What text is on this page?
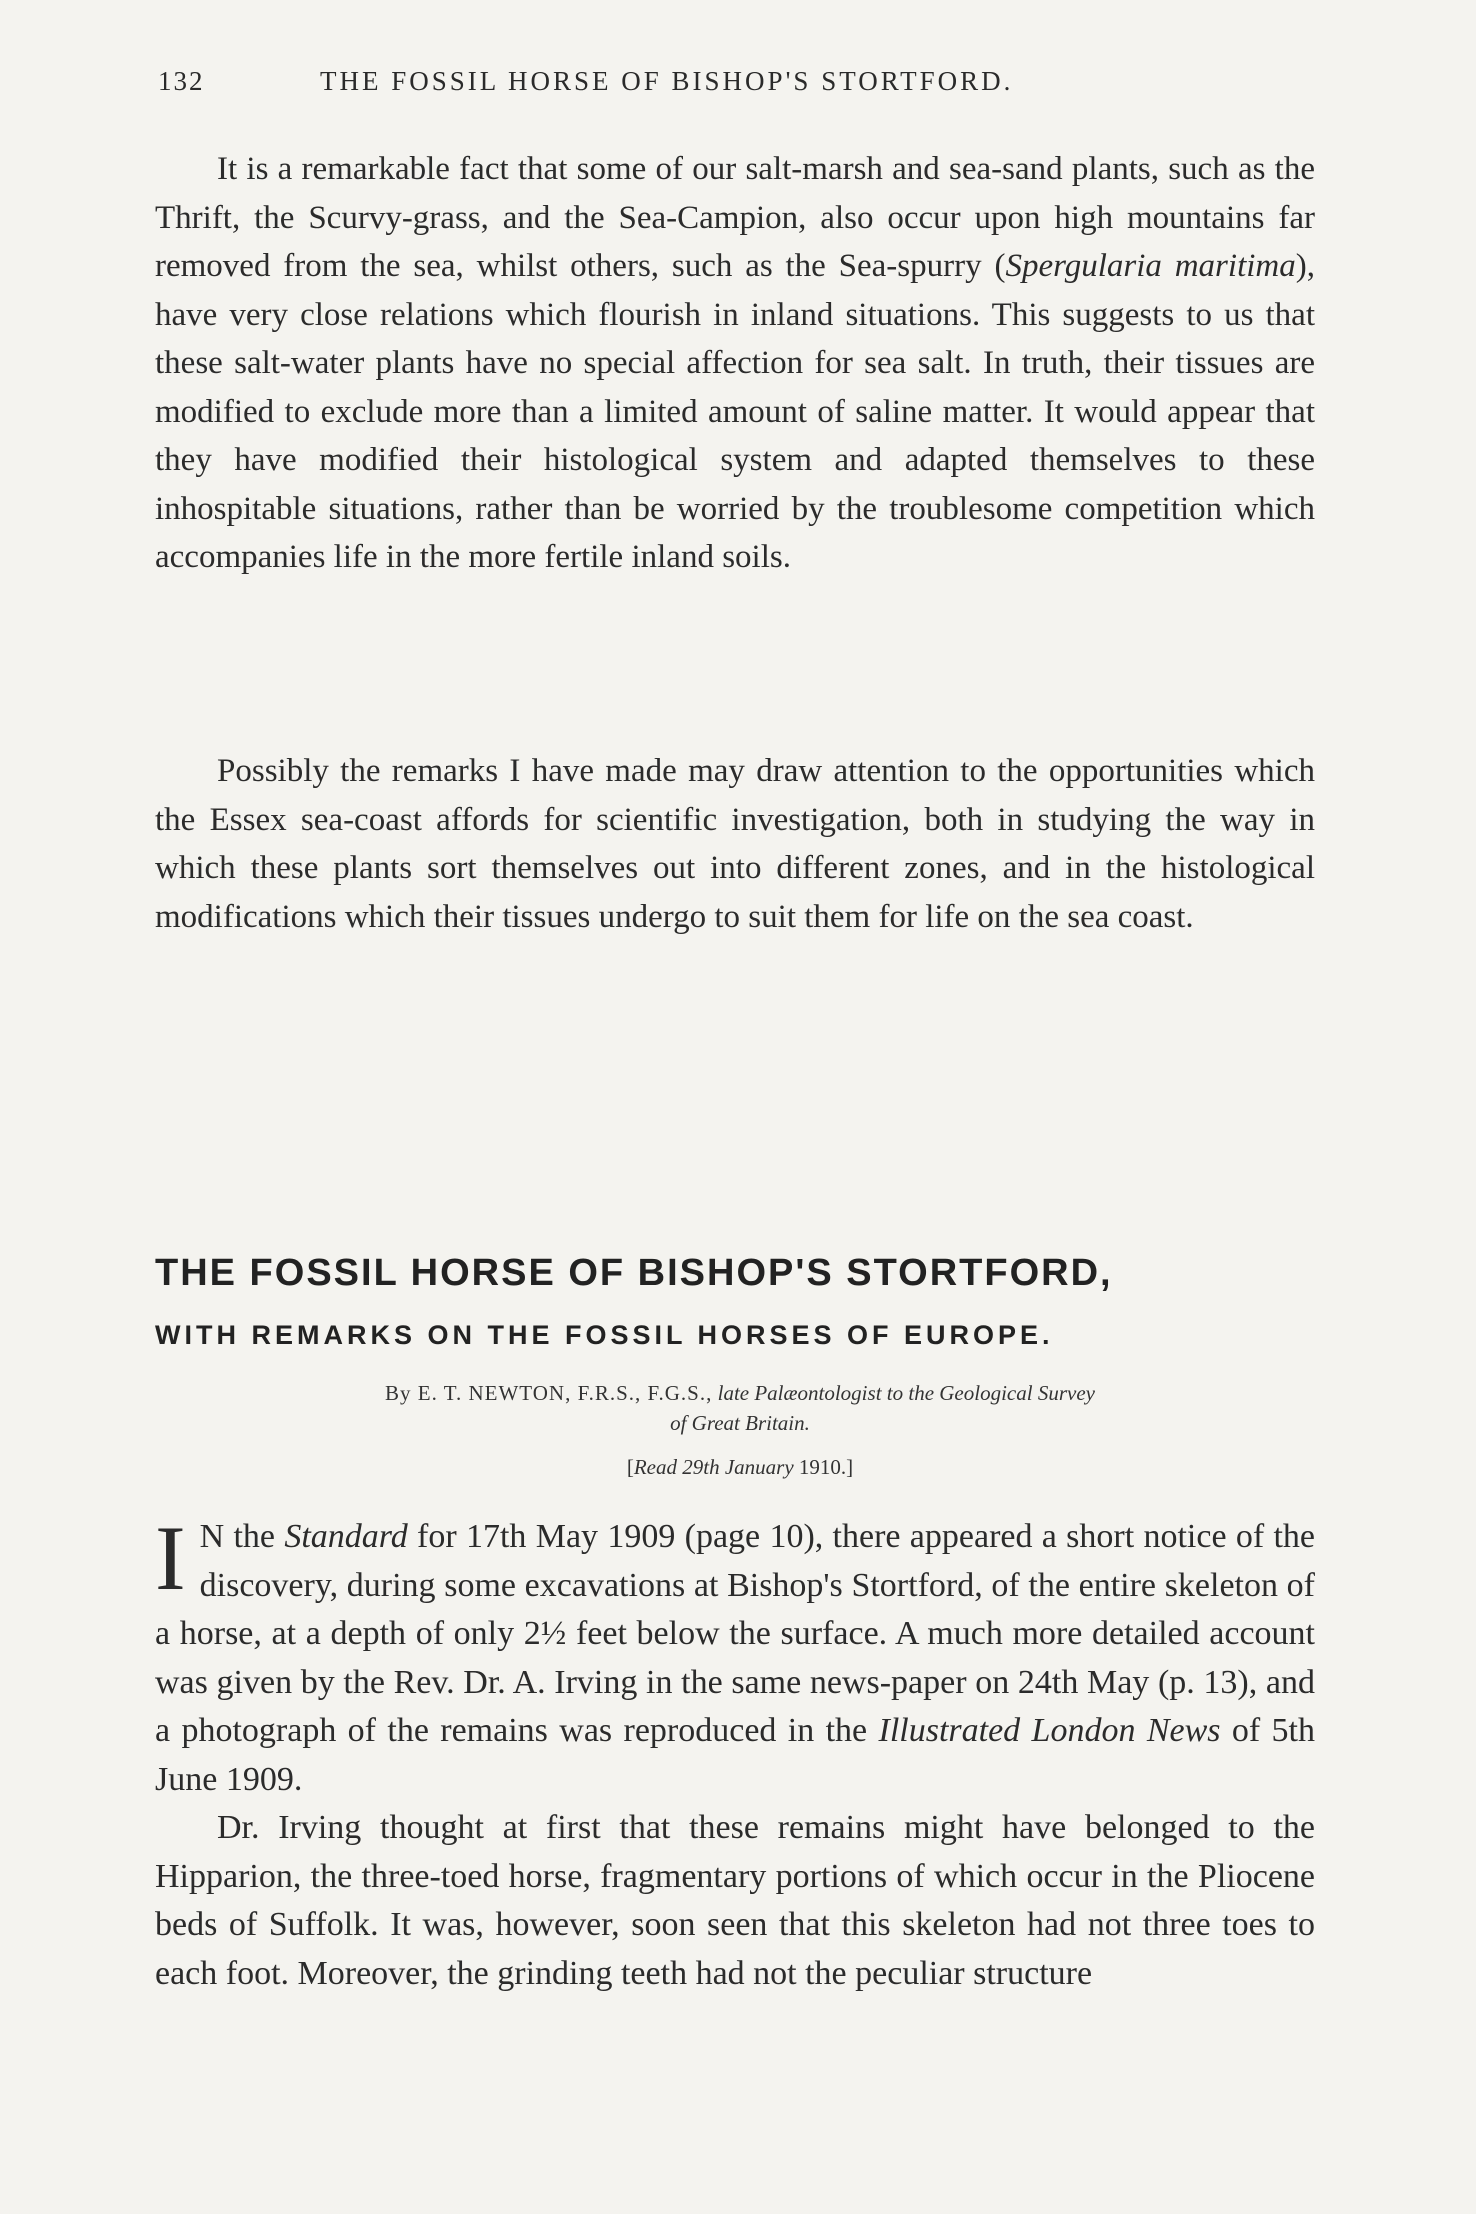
132	THE FOSSIL HORSE OF BISHOP'S STORTFORD.

It is a remarkable fact that some of our salt-marsh and sea-sand plants, such as the Thrift, the Scurvy-grass, and the Sea-Campion, also occur upon high mountains far removed from the sea, whilst others, such as the Sea-spurry (Spergularia maritima), have very close relations which flourish in inland situations. This suggests to us that these salt-water plants have no special affection for sea salt. In truth, their tissues are modified to exclude more than a limited amount of saline matter. It would appear that they have modified their histological system and adapted themselves to these inhospitable situations, rather than be worried by the troublesome competition which accompanies life in the more fertile inland soils.

Possibly the remarks I have made may draw attention to the opportunities which the Essex sea-coast affords for scientific investigation, both in studying the way in which these plants sort themselves out into different zones, and in the histological modifications which their tissues undergo to suit them for life on the sea coast.

THE FOSSIL HORSE OF BISHOP'S STORTFORD,
WITH REMARKS ON THE FOSSIL HORSES OF EUROPE.
By E. T. NEWTON, F.R.S., F.G.S., late Palæontologist to the Geological Survey
of Great Britain.
[Read 29th January 1910.]

I N the Standard for 17th May 1909 (page 10), there appeared a short notice of the discovery, during some excavations at Bishop's Stortford, of the entire skeleton of a horse, at a depth of only 2½ feet below the surface. A much more detailed account was given by the Rev. Dr. A. Irving in the same news-paper on 24th May (p. 13), and a photograph of the remains was reproduced in the Illustrated London News of 5th June 1909.

Dr. Irving thought at first that these remains might have belonged to the Hipparion, the three-toed horse, fragmentary portions of which occur in the Pliocene beds of Suffolk. It was, however, soon seen that this skeleton had not three toes to each foot. Moreover, the grinding teeth had not the peculiar structure
